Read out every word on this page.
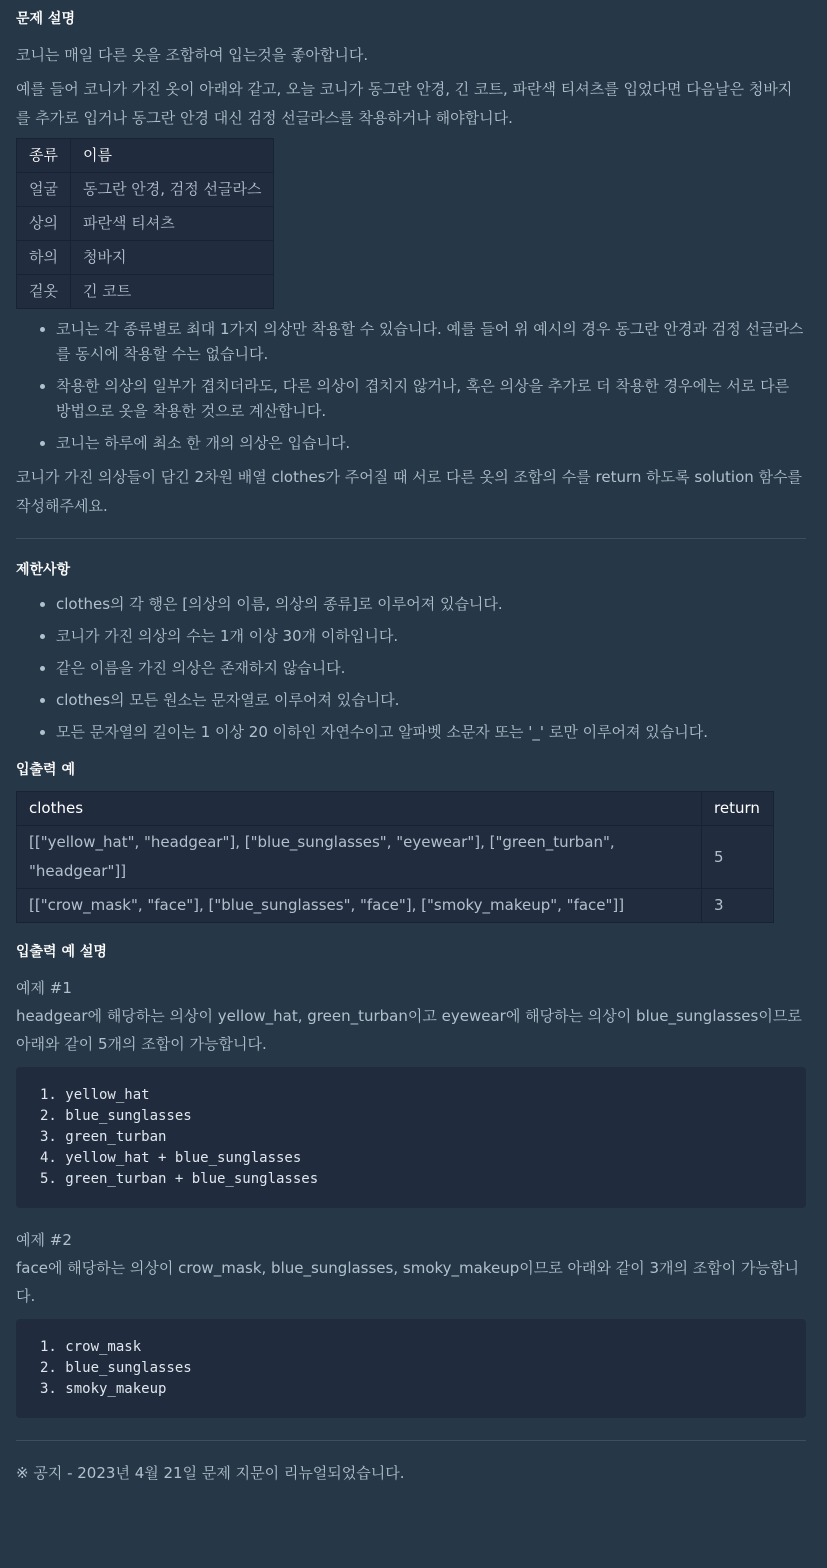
문제 설명

코니는 매일 다른 옷을 조합하여 입는것을 좋아합니다.

예를 들어 코니가 가진 옷이 아래와 같고, 오늘 코니가 동그란 안경, 긴 코트, 파란색 티셔츠를 입었다면 다음날은 청바지를 추가로 입거나 동그란 안경 대신 검정 선글라스를 착용하거나 해야합니다.

종류	이름
얼굴	동그란 안경, 검정 선글라스
상의	파란색 티셔츠
하의	청바지
겉옷	긴 코트
• 코니는 각 종류별로 최대 1가지 의상만 착용할 수 있습니다. 예를 들어 위 예시의 경우 동그란 안경과 검정 선글라스를 동시에 착용할 수는 없습니다.
• 착용한 의상의 일부가 겹치더라도, 다른 의상이 겹치지 않거나, 혹은 의상을 추가로 더 착용한 경우에는 서로 다른 방법으로 옷을 착용한 것으로 계산합니다.
• 코니는 하루에 최소 한 개의 의상은 입습니다.

코니가 가진 의상들이 담긴 2차원 배열 clothes가 주어질 때 서로 다른 옷의 조합의 수를 return 하도록 solution 함수를 작성해주세요.

제한사항
• clothes의 각 행은 [의상의 이름, 의상의 종류]로 이루어져 있습니다.
• 코니가 가진 의상의 수는 1개 이상 30개 이하입니다.
• 같은 이름을 가진 의상은 존재하지 않습니다.
• clothes의 모든 원소는 문자열로 이루어져 있습니다.
• 모든 문자열의 길이는 1 이상 20 이하인 자연수이고 알파벳 소문자 또는 '_' 로만 이루어져 있습니다.
입출력 예
clothes	return
[["yellow_hat", "headgear"], ["blue_sunglasses", "eyewear"], ["green_turban", "headgear"]]	5
[["crow_mask", "face"], ["blue_sunglasses", "face"], ["smoky_makeup", "face"]]	3
입출력 예 설명

예제 #1

headgear에 해당하는 의상이 yellow_hat, green_turban이고 eyewear에 해당하는 의상이 blue_sunglasses이므로 아래와 같이 5개의 조합이 가능합니다.

1. yellow_hat
2. blue_sunglasses
3. green_turban
4. yellow_hat + blue_sunglasses
5. green_turban + blue_sunglasses

예제 #2

face에 해당하는 의상이 crow_mask, blue_sunglasses, smoky_makeup이므로 아래와 같이 3개의 조합이 가능합니다.

1. crow_mask
2. blue_sunglasses
3. smoky_makeup

※ 공지 - 2023년 4월 21일 문제 지문이 리뉴얼되었습니다.
